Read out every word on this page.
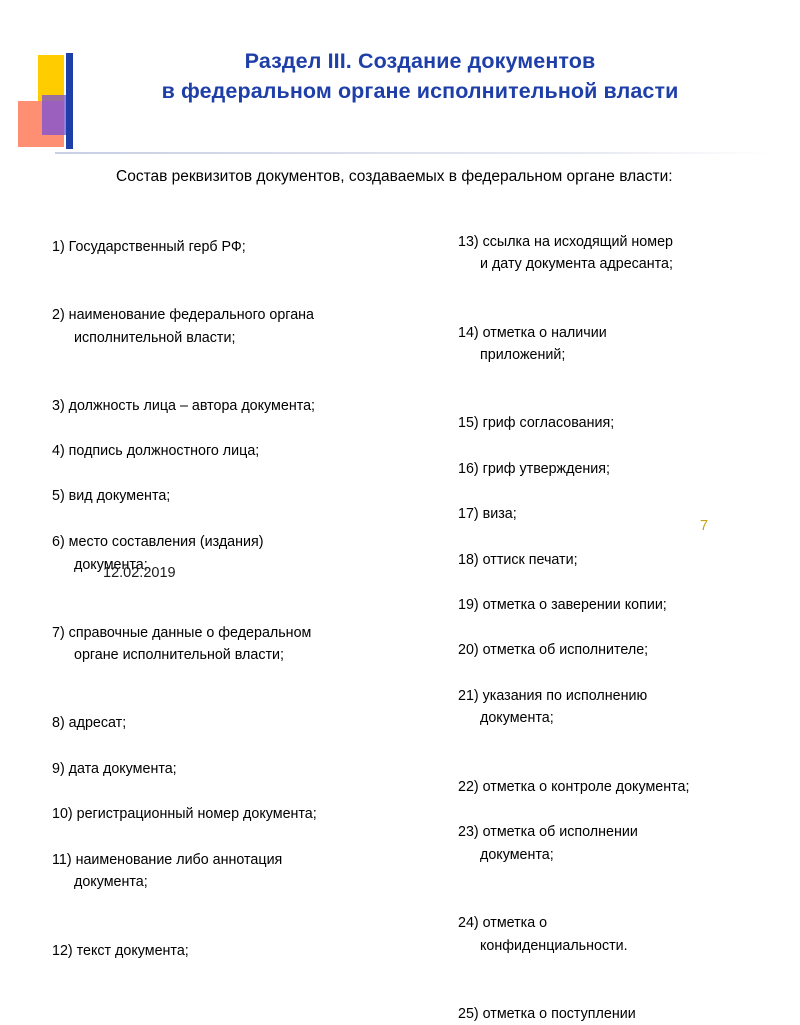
Раздел III. Создание документов
в федеральном органе исполнительной власти
Состав реквизитов документов, создаваемых в федеральном органе власти:

1) Государственный герб РФ;

2) наименование федерального органа

исполнительной власти;

3) должность лица – автора документа;

4) подпись должностного лица;

5) вид документа;

6) место составления (издания)

документа;

7) справочные данные о федеральном

органе исполнительной власти;

8) адресат;

9) дата документа;

10) регистрационный номер документа;

11) наименование либо аннотация

документа;

12) текст документа;

13) ссылка на исходящий номер

и дату документа адресанта;

14) отметка о наличии

приложений;

15) гриф согласования;

16) гриф утверждения;

17) виза;

18) оттиск печати;

19) отметка о заверении копии;

20) отметка об исполнителе;

21) указания по исполнению

документа;

22) отметка о контроле документа;

23) отметка об исполнении

документа;

24) отметка о

конфиденциальности.

25) отметка о поступлении

12.02.2019
7
